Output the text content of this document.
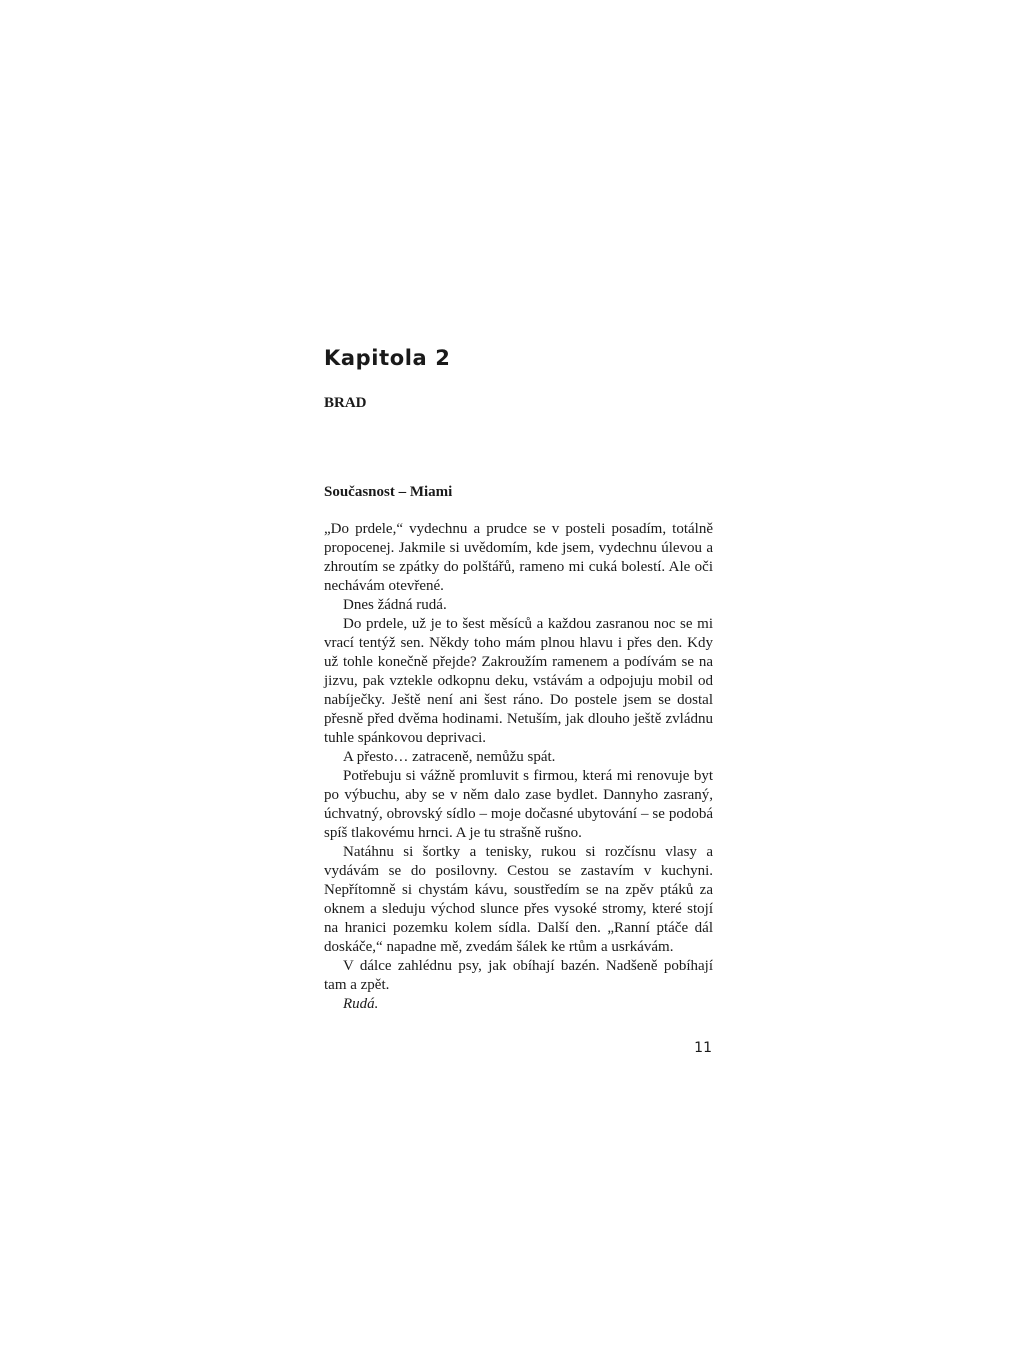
Kapitola 2
BRAD
Současnost – Miami

„Do prdele,“ vydechnu a prudce se v posteli posadím, totálně propocenej. Jakmile si uvědomím, kde jsem, vydechnu úlevou a zhroutím se zpátky do polštářů, rameno mi cuká bolestí. Ale oči nechávám otevřené.

Dnes žádná rudá.

Do prdele, už je to šest měsíců a každou zasranou noc se mi vrací tentýž sen. Někdy toho mám plnou hlavu i přes den. Kdy už tohle konečně přejde? Zakroužím ramenem a podívám se na jizvu, pak vztekle odkopnu deku, vstávám a odpojuju mobil od nabíječky. Ještě není ani šest ráno. Do postele jsem se dostal přesně před dvěma hodinami. Netuším, jak dlouho ještě zvládnu tuhle spánkovou deprivaci.

A přesto… zatraceně, nemůžu spát.

Potřebuju si vážně promluvit s firmou, která mi renovuje byt po výbuchu, aby se v něm dalo zase bydlet. Dannyho zasraný, úchvatný, obrovský sídlo – moje dočasné ubytování – se podobá spíš tlakovému hrnci. A je tu strašně rušno.

Natáhnu si šortky a tenisky, rukou si rozčísnu vlasy a vydávám se do posilovny. Cestou se zastavím v kuchyni. Nepřítomně si chystám kávu, soustředím se na zpěv ptáků za oknem a sleduju východ slunce přes vysoké stromy, které stojí na hranici pozemku kolem sídla. Další den. „Ranní ptáče dál doskáče,“ napadne mě, zvedám šálek ke rtům a usrkávám.

V dálce zahlédnu psy, jak obíhají bazén. Nadšeně pobíhají tam a zpět.

Rudá.

11
